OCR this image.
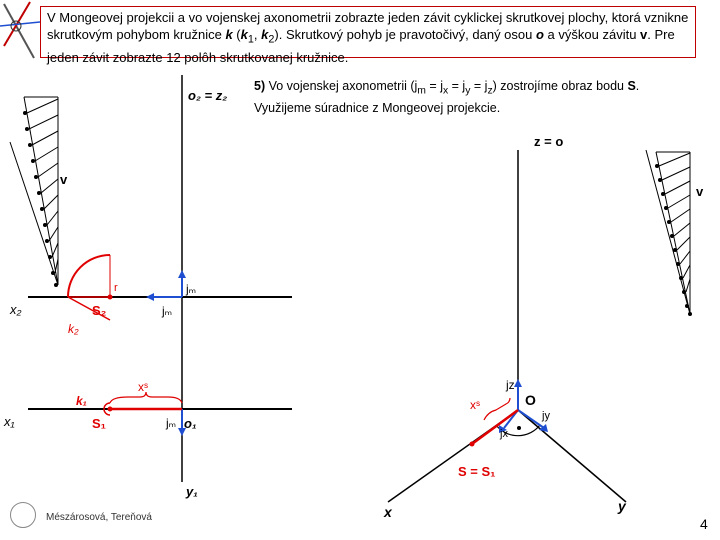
V Mongeovej projekcii a vo vojenskej axonometrii zobrazte jeden závit cyklickej skrutkovej plochy, ktorá vznikne skrutkovým pohybom kružnice k ($k_1$, $k_2$). Skrutkový pohyb je pravotočivý, daný osou o a výškou závitu v. Pre jeden závit zobrazte 12 polôh skrutkovanej kružnice.
5) Vo vojenskej axonometrii $(j_m = j_x = j_y = j_z)$ zostrojíme obraz bodu S.
Využijeme súradnice z Mongeovej projekcie.
o₂ = z₂
z = o
v
v
x₂
x₁
r
S₂
k₂
jₘ
jₘ
xˢ
k₁
S₁	jₘ o₁
y₁
xˢ
jz
O
jx
jy
S = S₁
x	y
Mészárosová, Tereňová	4
